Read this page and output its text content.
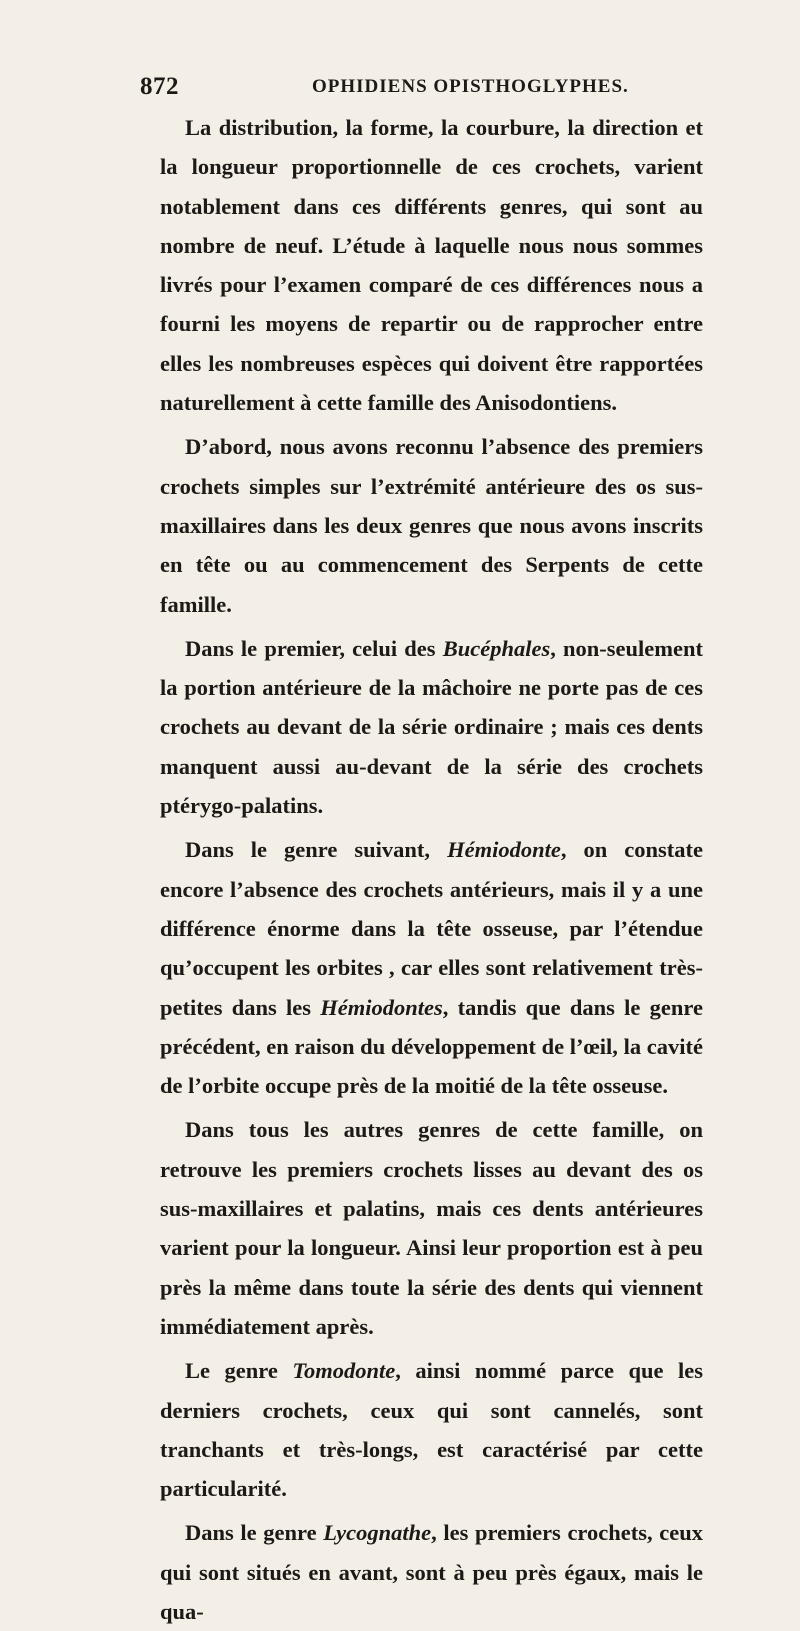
872	OPHIDIENS OPISTHOGLYPHES.

La distribution, la forme, la courbure, la direction et la longueur proportionnelle de ces crochets, varient notablement dans ces différents genres, qui sont au nombre de neuf. L’étude à laquelle nous nous sommes livrés pour l’examen comparé de ces différences nous a fourni les moyens de repartir ou de rapprocher entre elles les nombreuses espèces qui doivent être rapportées naturellement à cette famille des Anisodontiens.

D’abord, nous avons reconnu l’absence des premiers crochets simples sur l’extrémité antérieure des os sus-maxillaires dans les deux genres que nous avons inscrits en tête ou au commencement des Serpents de cette famille.

Dans le premier, celui des Bucéphales, non-seulement la portion antérieure de la mâchoire ne porte pas de ces crochets au devant de la série ordinaire ; mais ces dents manquent aussi au-devant de la série des crochets ptérygo-palatins.

Dans le genre suivant, Hémiodonte, on constate encore l’absence des crochets antérieurs, mais il y a une différence énorme dans la tête osseuse, par l’étendue qu’occupent les orbites , car elles sont relativement très-petites dans les Hémiodontes, tandis que dans le genre précédent, en raison du développement de l’œil, la cavité de l’orbite occupe près de la moitié de la tête osseuse.

Dans tous les autres genres de cette famille, on retrouve les premiers crochets lisses au devant des os sus-maxillaires et palatins, mais ces dents antérieures varient pour la longueur. Ainsi leur proportion est à peu près la même dans toute la série des dents qui viennent immédiatement après.

Le genre Tomodonte, ainsi nommé parce que les derniers crochets, ceux qui sont cannelés, sont tranchants et très-longs, est caractérisé par cette particularité.

Dans le genre Lycognathe, les premiers crochets, ceux qui sont situés en avant, sont à peu près égaux, mais le qua-
